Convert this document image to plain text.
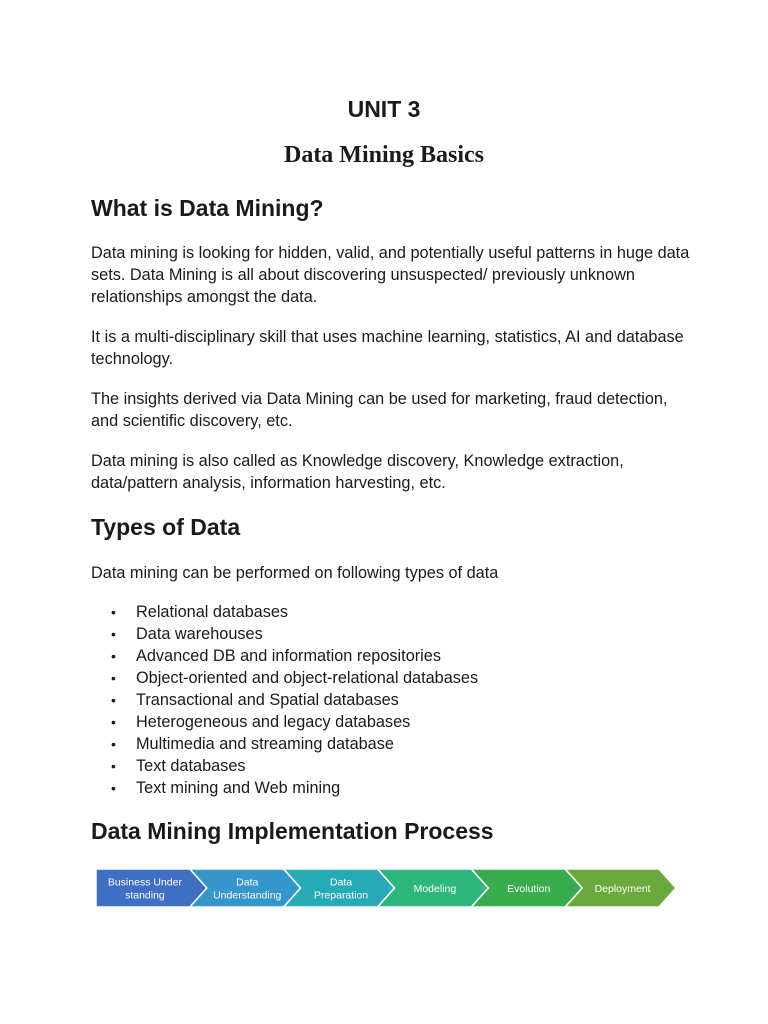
UNIT 3
Data Mining Basics
What is Data Mining?
Data mining is looking for hidden, valid, and potentially useful patterns in huge data sets. Data Mining is all about discovering unsuspected/ previously unknown relationships amongst the data.
It is a multi-disciplinary skill that uses machine learning, statistics, AI and database technology.
The insights derived via Data Mining can be used for marketing, fraud detection, and scientific discovery, etc.
Data mining is also called as Knowledge discovery, Knowledge extraction, data/pattern analysis, information harvesting, etc.
Types of Data
Data mining can be performed on following types of data
• Relational databases
• Data warehouses
• Advanced DB and information repositories
• Object-oriented and object-relational databases
• Transactional and Spatial databases
• Heterogeneous and legacy databases
• Multimedia and streaming database
• Text databases
• Text mining and Web mining
Data Mining Implementation Process
Business Under
standing
Data
Understanding
Data
Preparation
Modeling	Evolution	Deployment
